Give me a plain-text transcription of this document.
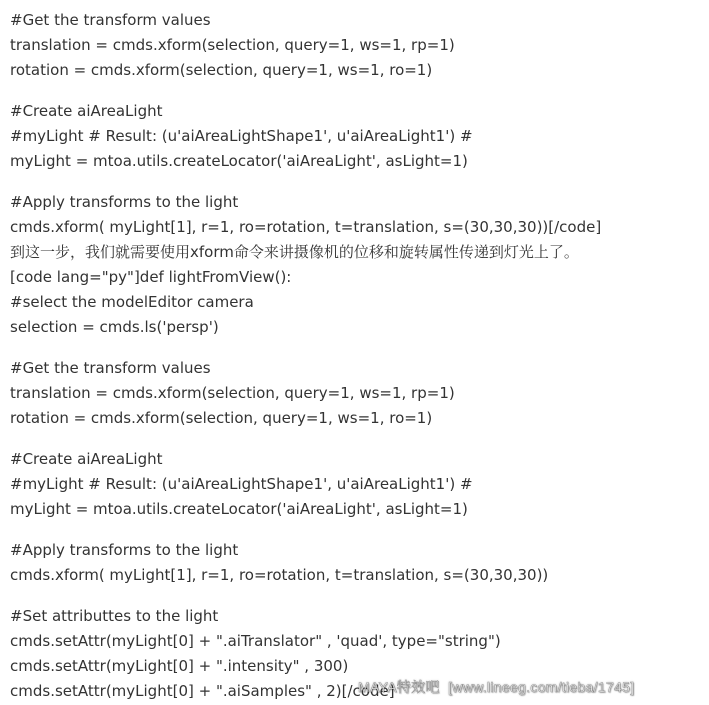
#Get the transform values
translation = cmds.xform(selection, query=1, ws=1, rp=1)
rotation = cmds.xform(selection, query=1, ws=1, ro=1)
#Create aiAreaLight
#myLight # Result: (u'aiAreaLightShape1', u'aiAreaLight1') #
myLight = mtoa.utils.createLocator('aiAreaLight', asLight=1)
#Apply transforms to the light
cmds.xform( myLight[1], r=1, ro=rotation, t=translation, s=(30,30,30))[/code]
到这一步，我们就需要使用xform命令来讲摄像机的位移和旋转属性传递到灯光上了。
[code lang="py"]def lightFromView():
#select the modelEditor camera
selection = cmds.ls('persp')
#Get the transform values
translation = cmds.xform(selection, query=1, ws=1, rp=1)
rotation = cmds.xform(selection, query=1, ws=1, ro=1)
#Create aiAreaLight
#myLight # Result: (u'aiAreaLightShape1', u'aiAreaLight1') #
myLight = mtoa.utils.createLocator('aiAreaLight', asLight=1)
#Apply transforms to the light
cmds.xform( myLight[1], r=1, ro=rotation, t=translation, s=(30,30,30))
#Set attributtes to the light
cmds.setAttr(myLight[0] + ".aiTranslator" , 'quad', type="string")
cmds.setAttr(myLight[0] + ".intensity" , 300)
cmds.setAttr(myLight[0] + ".aiSamples" , 2)[/code]
MAYA特效吧  [www.lineeg.com/tieba/1745]
